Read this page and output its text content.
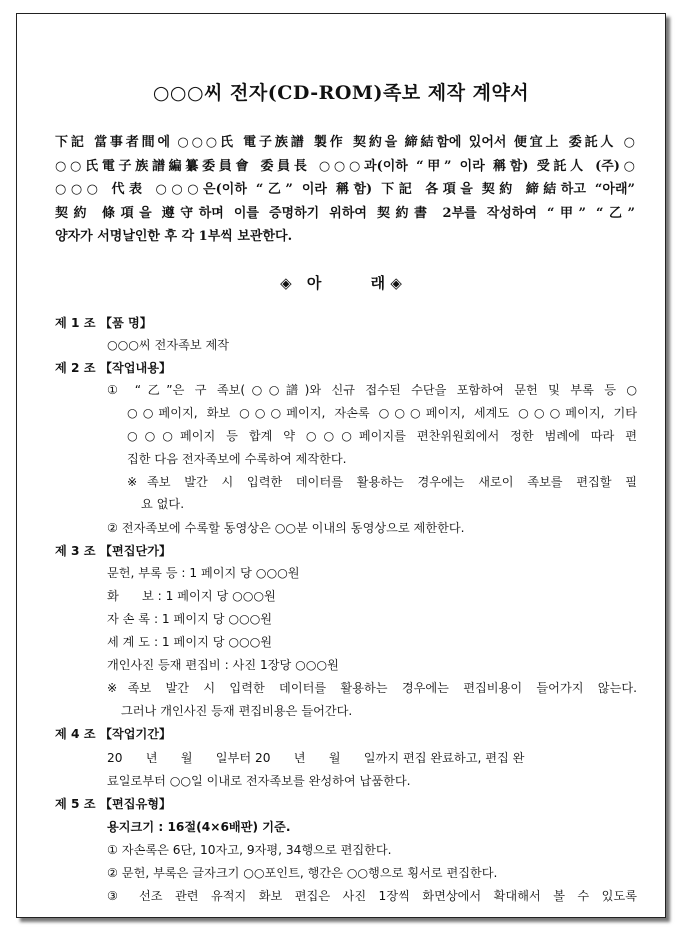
○○○씨 전자(CD-ROM)족보 제작 계약서
下記 當事者間에 ○○○氏 電子族譜 製作 契約을 締結함에 있어서 便宜上 委託人 ○
○○氏電子族譜編纂委員會 委員長 ○○○과(이하 “甲” 이라 稱함) 受託人 (주)○
○○○ 代表 ○○○은(이하 “乙” 이라 稱함) 下記 各項을 契約 締結하고 “아래”
契約 條項을 遵守하며 이를 증명하기 위하여 契約書 2부를 작성하여 “甲” “乙”
양자가 서명날인한 후 각 1부씩 보관한다.
◈ 아	래 ◈
제 1 조 【품 명】
○○○씨 전자족보 제작
제 2 조 【작업내용】
① “乙”은 구 족보(○○譜)와 신규 접수된 수단을 포함하여 문헌 및 부록 등 ○
○○페이지, 화보 ○○○페이지, 자손록 ○○○페이지, 세계도 ○○○페이지, 기타
○○○페이지 등 합계 약 ○○○페이지를 편찬위원회에서 정한 범례에 따라 편
집한 다음 전자족보에 수록하여 제작한다.
※족보 발간 시 입력한 데이터를 활용하는 경우에는 새로이 족보를 편집할 필
요 없다.
② 전자족보에 수록할 동영상은 ○○분 이내의 동영상으로 제한한다.
제 3 조 【편집단가】
문헌, 부록 등 : 1 페이지 당 ○○○원
화      보 : 1 페이지 당 ○○○원
자 손 록 : 1 페이지 당 ○○○원
세 계 도 : 1 페이지 당 ○○○원
개인사진 등재 편집비 : 사진 1장당 ○○○원
※족보 발간 시 입력한 데이터를 활용하는 경우에는 편집비용이 들어가지 않는다.
그러나 개인사진 등재 편집비용은 들어간다.
제 4 조 【작업기간】
20      년      월      일부터 20      년      월      일까지 편집 완료하고, 편집 완
료일로부터 ○○일 이내로 전자족보를 완성하여 납품한다.
제 5 조 【편집유형】
용지크기 : 16절(4×6배판) 기준.
① 자손록은 6단, 10자고, 9자평, 34행으로 편집한다.
② 문헌, 부록은 글자크기 ○○포인트, 행간은 ○○행으로 횡서로 편집한다.
③ 선조 관련 유적지 화보 편집은 사진 1장씩 화면상에서 확대해서 볼 수 있도록
